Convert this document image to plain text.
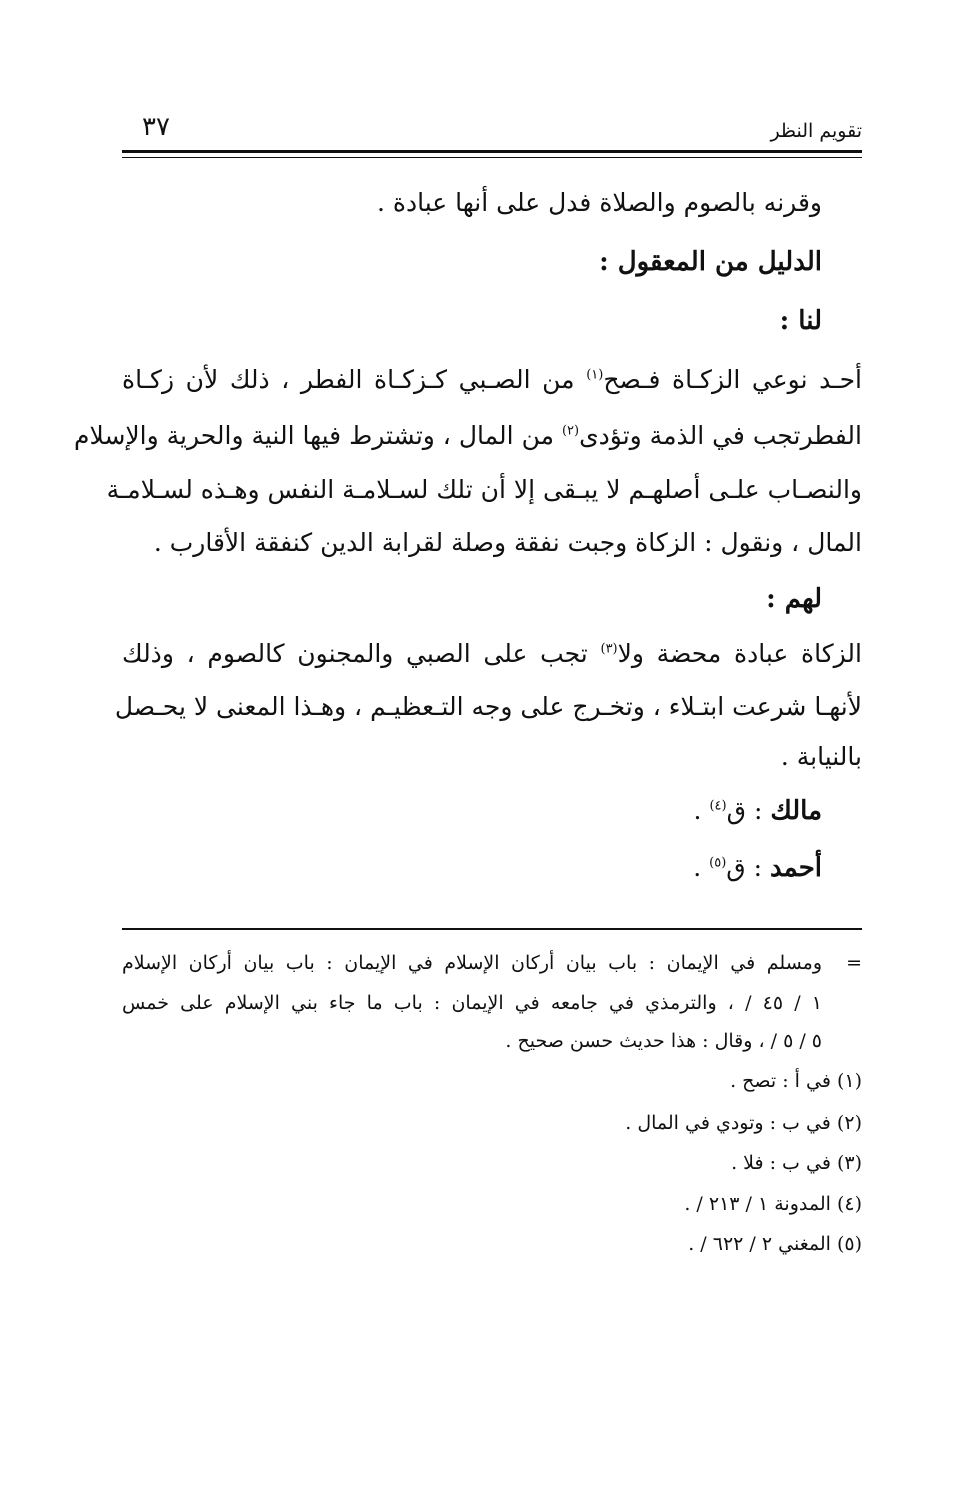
تقويم النظر
٣٧
وقرنه بالصوم والصلاة فدل على أنها عبادة .
الدليل من المعقول :
لنا :
أحـد نوعي الزكـاة فـصح$^{(١)}$ من الصـبي كـزكـاة الفطر ، ذلك لأن زكـاة
الفطرتجب في الذمة وتؤدى$^{(٢)}$ من المال ، وتشترط فيها النية والحرية والإسلام
والنصـاب علـى أصلهـم لا يبـقى إلا أن تلك لسـلامـة النفس وهـذه لسـلامـة
المال ، ونقول : الزكاة وجبت نفقة وصلة لقرابة الدين كنفقة الأقارب .
لهم :
الزكاة عبادة محضة ولا$^{(٣)}$ تجب على الصبي والمجنون كالصوم ، وذلك
لأنهـا شرعت ابتـلاء ، وتخـرج على وجه التـعظيـم ، وهـذا المعنى لا يحـصل
بالنيابة .
مالك : ق$^{(٤)}$ .
أحمد : ق$^{(٥)}$ .
=
ومسلم في الإيمان : باب بيان أركان الإسلام في الإيمان : باب بيان أركان الإسلام
١ / ٤٥ / ، والترمذي في جامعه في الإيمان : باب ما جاء بني الإسلام على خمس
٥ / ٥ / ، وقال : هذا حديث حسن صحيح .
(١) في أ : تصح .
(٢) في ب : وتودي في المال .
(٣) في ب : فلا .
(٤) المدونة ١ / ٢١٣ / .
(٥) المغني ٢ / ٦٢٢ / .
